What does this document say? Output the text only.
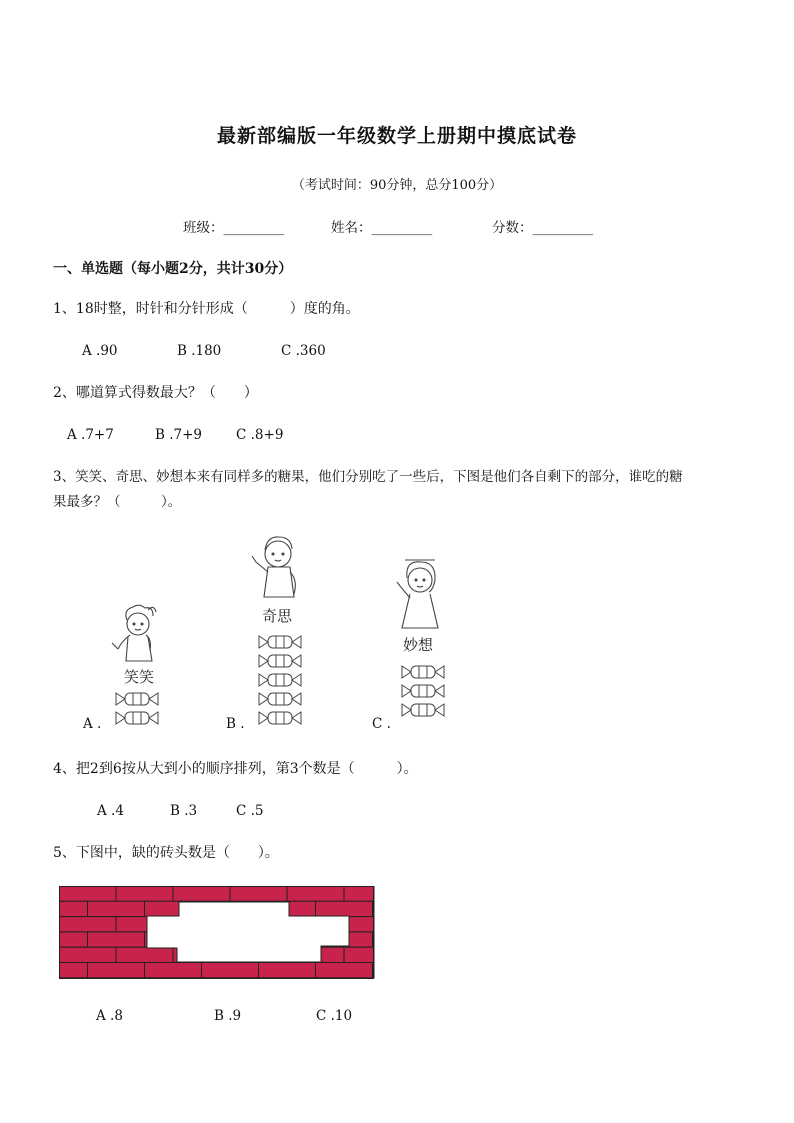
最新部编版一年级数学上册期中摸底试卷
（考试时间：90分钟，总分100分）
班级：_________	姓名：_________	分数：_________
一、单选题（每小题2分，共计30分）
1、18时整，时针和分针形成（　　　）度的角。
A .90	B .180	C .360
2、哪道算式得数最大？（　　）
A .7+7	B .7+9	C .8+9
3、笑笑、奇思、妙想本来有同样多的糖果，他们分别吃了一些后，下图是他们各自剩下的部分，谁吃的糖
果最多？（　　　）。
笑笑
奇思
妙想
A .	B .	C .
4、把2到6按从大到小的顺序排列，第3个数是（　　　）。
A .4	B .3	C .5
5、下图中，缺的砖头数是（　　）。
A .8	B .9	C .10
